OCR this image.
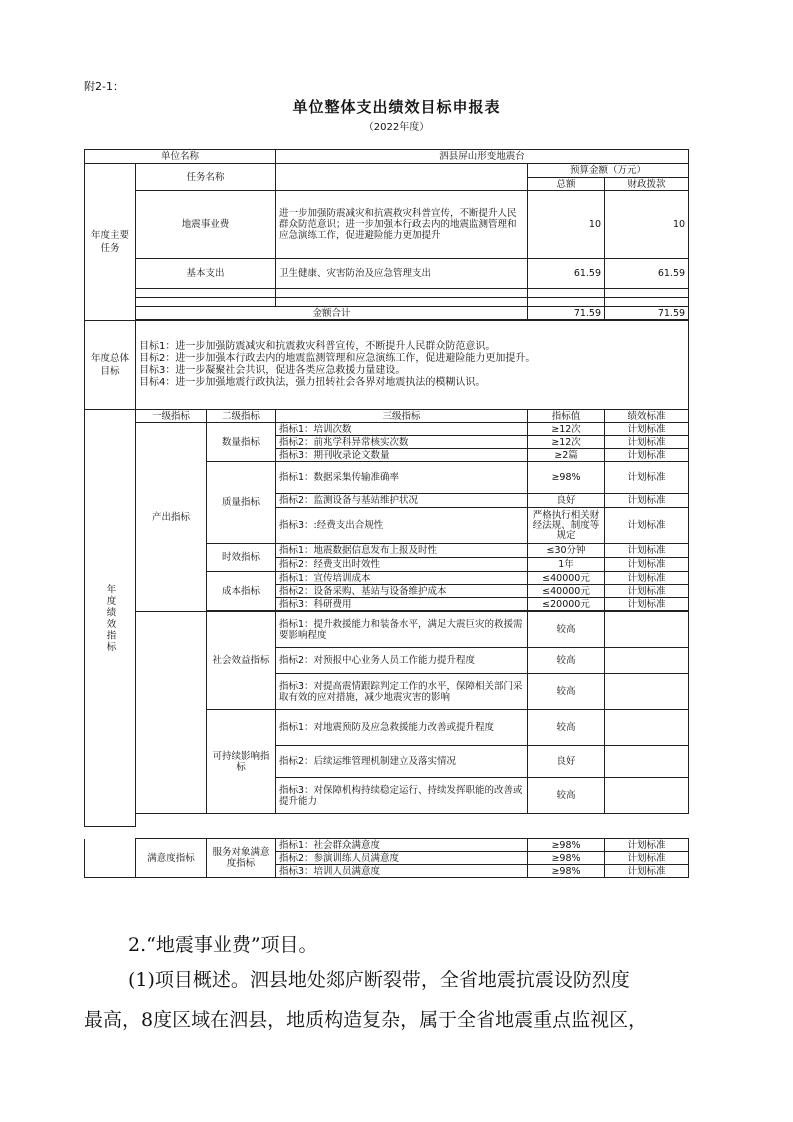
附2-1：
单位整体支出绩效目标申报表
（2022年度）
单位名称			泗县屏山形变地震台		
年度主要任务	任务名称			预算金额（万元）	
				总额	财政拨款
	地震事业费		进一步加强防震减灾和抗震救灾科普宣传，不断提升人民群众防范意识；进一步加强本行政去内的地震监测管理和应急演练工作，促进避险能力更加提升	10	10
	基本支出		卫生健康、灾害防治及应急管理支出	61.59	61.59

	金额合计			71.59	71.59

年度总体目标	目标1：进一步加强防震减灾和抗震救灾科普宣传，不断提升人民群众防范意识。
目标2：进一步加强本行政去内的地震监测管理和应急演练工作，促进避险能力更加提升。
目标3：进一步凝聚社会共识，促进各类应急救援力量建设。
目标4：进一步加强地震行政执法，强力扭转社会各界对地震执法的模糊认识。				

年度绩效指标	一级指标	二级指标	三级指标	指标值	绩效标准
	产出指标	数量指标	指标1：培训次数	≥12次	计划标准
			指标2：前兆学科异常核实次数	≥12次	计划标准
			指标3：期刊收录论文数量	≥2篇	计划标准
		质量指标	指标1：数据采集传输准确率	≥98%	计划标准
			指标2：监测设备与基站维护状况	良好	计划标准
			指标3：:经费支出合规性	严格执行相关财经法规、制度等规定	计划标准
		时效指标	指标1：地震数据信息发布上报及时性	≤30分钟	计划标准
			指标2：经费支出时效性	1年	计划标准
		成本指标	指标1：宣传培训成本	≤40000元	计划标准
			指标2：设备采购、基站与设备维护成本	≤40000元	计划标准
			指标3：科研费用	≤20000元	计划标准

		社会效益指标	指标1：提升救援能力和装备水平，满足大震巨灾的救援需要影响程度	较高	
			指标2：对预报中心业务人员工作能力提升程度	较高	
			指标3：对提高震情跟踪判定工作的水平，保障相关部门采取有效的应对措施，减少地震灾害的影响	较高	
		可持续影响指标	指标1：对地震预防及应急救援能力改善或提升程度	较高	
			指标2：后续运维管理机制建立及落实情况	良好	
			指标3：对保障机构持续稳定运行、持续发挥职能的改善或提升能力	较高	

	满意度指标	服务对象满意度指标	指标1：社会群众满意度	≥98%	计划标准
			指标2：参演训练人员满意度	≥98%	计划标准
			指标3：培训人员满意度	≥98%	计划标准
2.“地震事业费”项目。
(1)项目概述。泗县地处郯庐断裂带，全省地震抗震设防烈度
最高，8度区域在泗县，地质构造复杂，属于全省地震重点监视区，
